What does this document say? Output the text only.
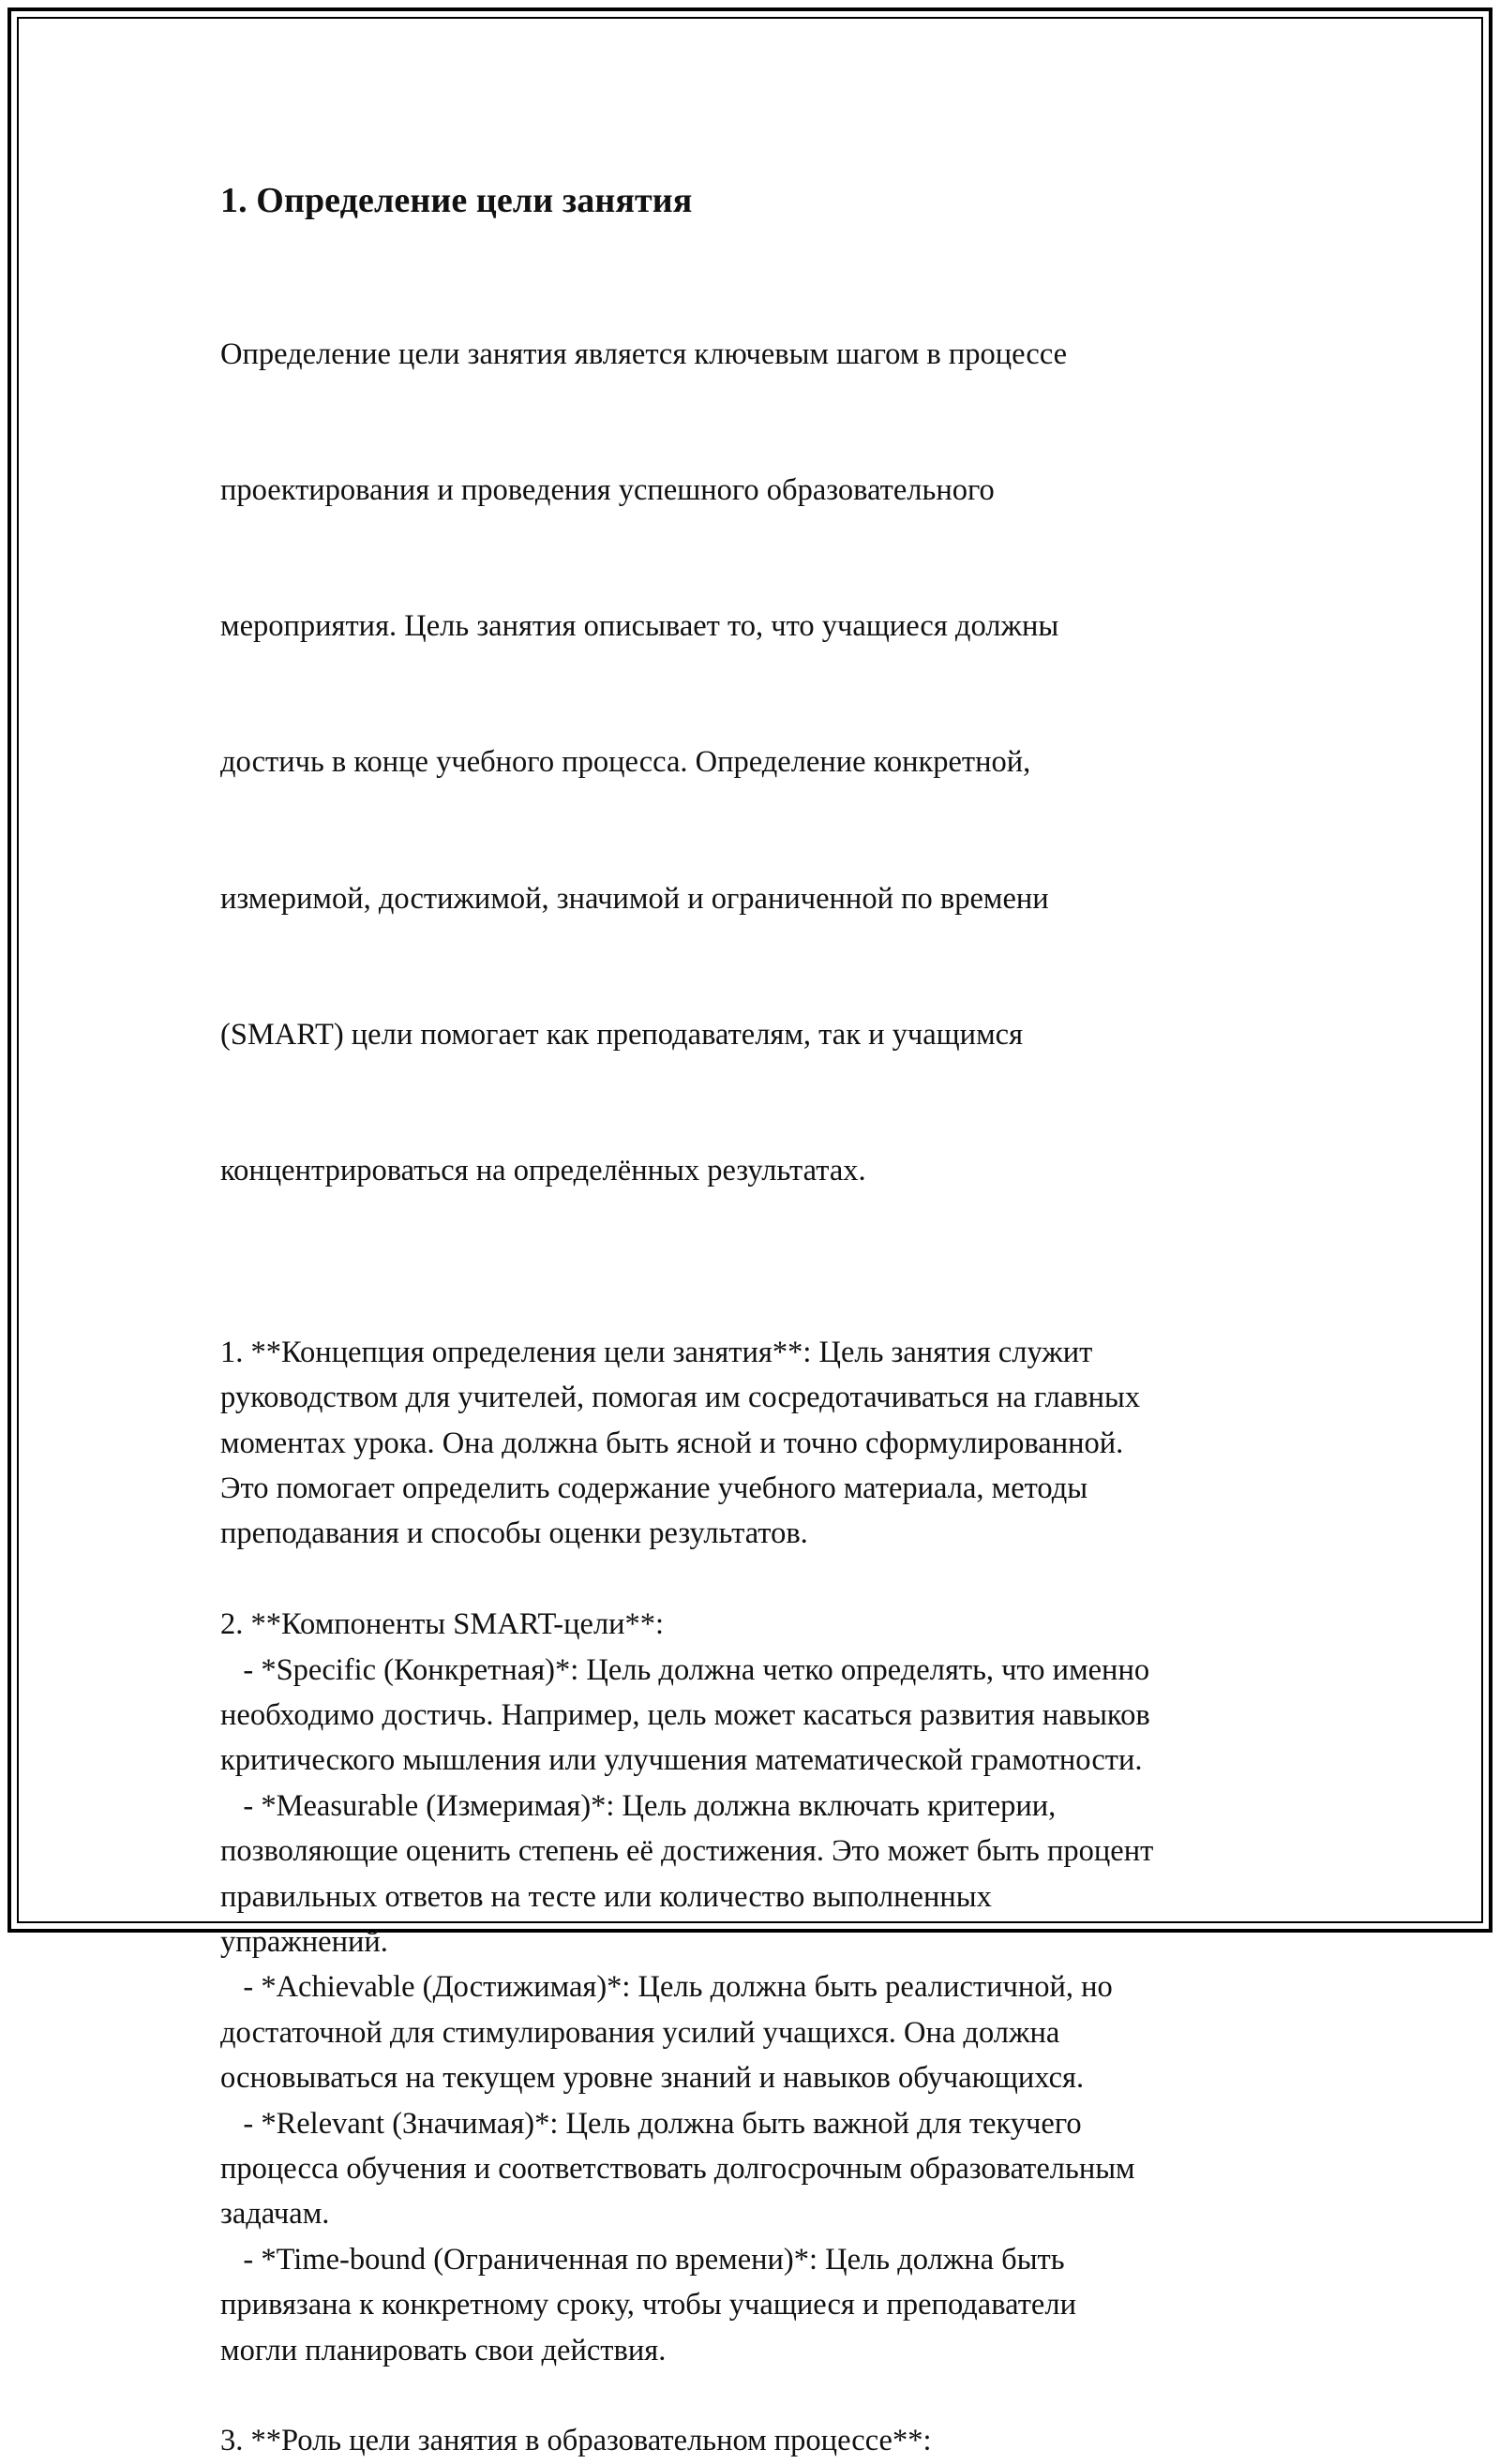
1. Определение цели занятия

Определение цели занятия является ключевым шагом в процессе

проектирования и проведения успешного образовательного

мероприятия. Цель занятия описывает то, что учащиеся должны

достичь в конце учебного процесса. Определение конкретной,

измеримой, достижимой, значимой и ограниченной по времени

(SMART) цели помогает как преподавателям, так и учащимся

концентрироваться на определённых результатах.

1. **Концепция определения цели занятия**: Цель занятия служит
руководством для учителей, помогая им сосредотачиваться на главных
моментах урока. Она должна быть ясной и точно сформулированной.
Это помогает определить содержание учебного материала, методы
преподавания и способы оценки результатов.
2. **Компоненты SMART-цели**:
- *Specific (Конкретная)*: Цель должна четко определять, что именно
необходимо достичь. Например, цель может касаться развития навыков
критического мышления или улучшения математической грамотности.
- *Measurable (Измеримая)*: Цель должна включать критерии,
позволяющие оценить степень её достижения. Это может быть процент
правильных ответов на тесте или количество выполненных
упражнений.
- *Achievable (Достижимая)*: Цель должна быть реалистичной, но
достаточной для стимулирования усилий учащихся. Она должна
основываться на текущем уровне знаний и навыков обучающихся.
- *Relevant (Значимая)*: Цель должна быть важной для текучего
процесса обучения и соответствовать долгосрочным образовательным
задачам.
- *Time-bound (Ограниченная по времени)*: Цель должна быть
привязана к конкретному сроку, чтобы учащиеся и преподаватели
могли планировать свои действия.
3. **Роль цели занятия в образовательном процессе**:
